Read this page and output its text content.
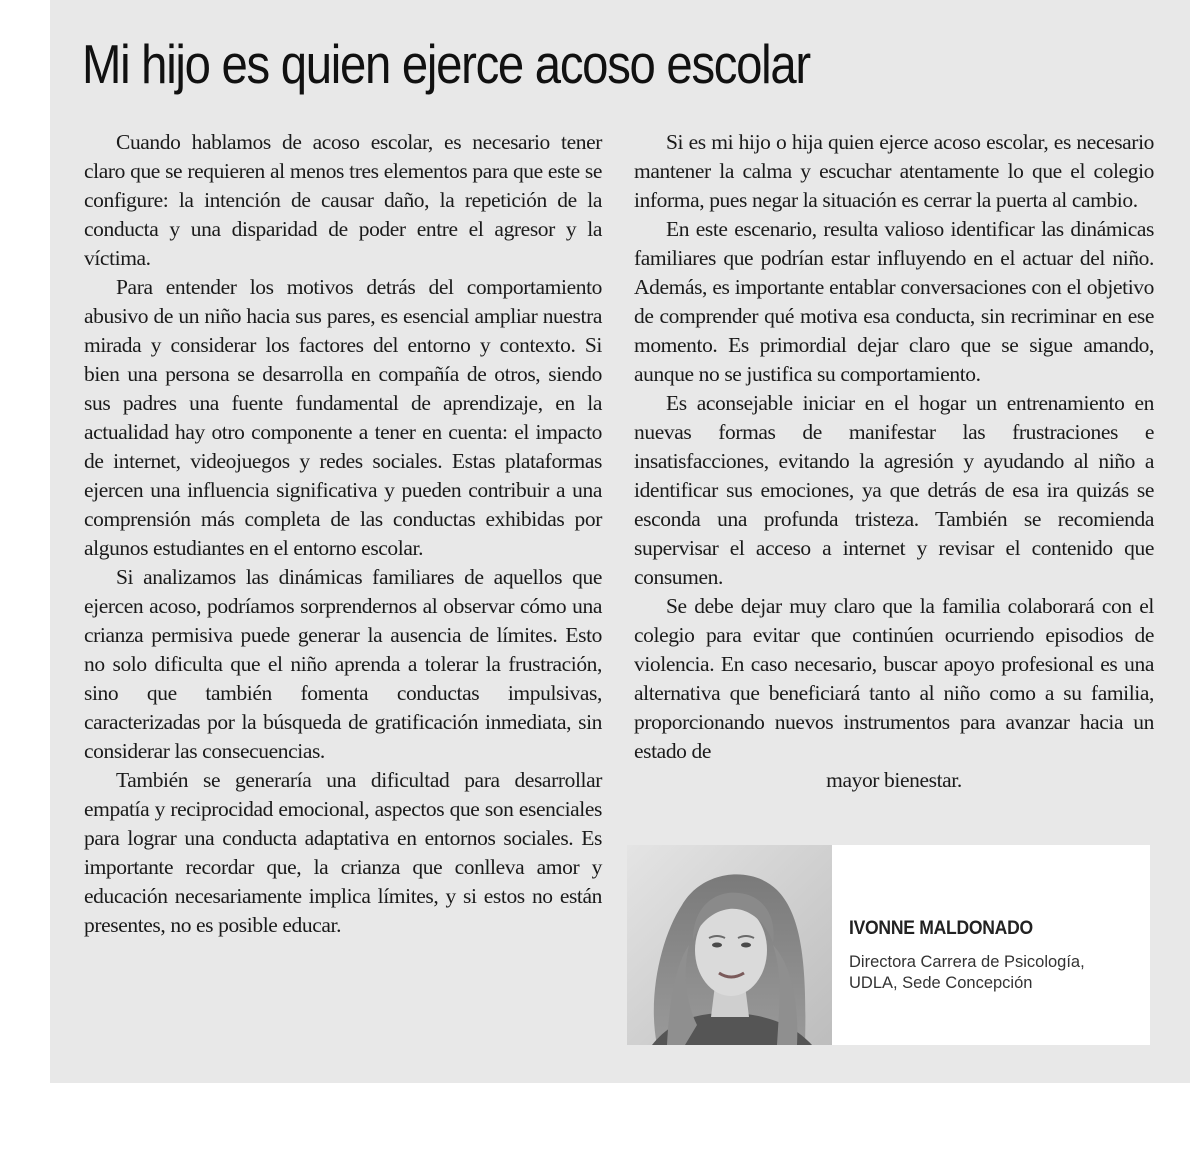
Mi hijo es quien ejerce acoso escolar

Cuando hablamos de acoso escolar, es necesario tener claro que se requieren al menos tres elementos para que este se configure: la intención de causar daño, la repetición de la conducta y una disparidad de poder entre el agresor y la víctima.

Para entender los motivos detrás del comportamiento abusivo de un niño hacia sus pares, es esencial ampliar nuestra mirada y considerar los factores del entorno y contexto. Si bien una persona se desarrolla en compañía de otros, siendo sus padres una fuente fundamental de aprendizaje, en la actualidad hay otro componente a tener en cuenta: el impacto de internet, videojuegos y redes sociales. Estas plataformas ejercen una influencia significativa y pueden contribuir a una comprensión más completa de las conductas exhibidas por algunos estudiantes en el entorno escolar.

Si analizamos las dinámicas familiares de aquellos que ejercen acoso, podríamos sorprendernos al observar cómo una crianza permisiva puede generar la ausencia de límites. Esto no solo dificulta que el niño aprenda a tolerar la frustración, sino que también fomenta conductas impulsivas, caracterizadas por la búsqueda de gratificación inmediata, sin considerar las consecuencias.

También se generaría una dificultad para desarrollar empatía y reciprocidad emocional, aspectos que son esenciales para lograr una conducta adaptativa en entornos sociales. Es importante recordar que, la crianza que conlleva amor y educación necesariamente implica límites, y si estos no están presentes, no es posible educar.

Si es mi hijo o hija quien ejerce acoso escolar, es necesario mantener la calma y escuchar atentamente lo que el colegio informa, pues negar la situación es cerrar la puerta al cambio.

En este escenario, resulta valioso identificar las dinámicas familiares que podrían estar influyendo en el actuar del niño. Además, es importante entablar conversaciones con el objetivo de comprender qué motiva esa conducta, sin recriminar en ese momento. Es primordial dejar claro que se sigue amando, aunque no se justifica su comportamiento.

Es aconsejable iniciar en el hogar un entrenamiento en nuevas formas de manifestar las frustraciones e insatisfacciones, evitando la agresión y ayudando al niño a identificar sus emociones, ya que detrás de esa ira quizás se esconda una profunda tristeza. También se recomienda supervisar el acceso a internet y revisar el contenido que consumen.

Se debe dejar muy claro que la familia colaborará con el colegio para evitar que continúen ocurriendo episodios de violencia. En caso necesario, buscar apoyo profesional es una alternativa que beneficiará tanto al niño como a su familia, proporcionando nuevos instrumentos para avanzar hacia un estado de

mayor bienestar.

IVONNE MALDONADO
Directora Carrera de Psicología,
UDLA, Sede Concepción
